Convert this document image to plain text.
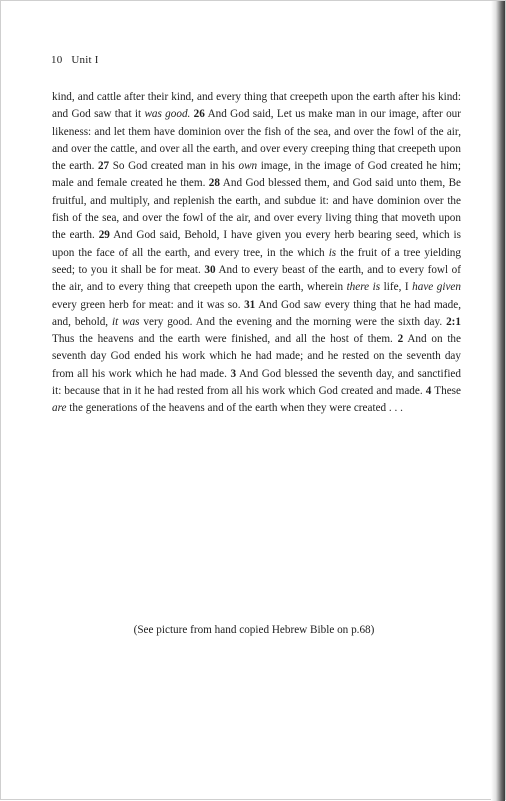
10 Unit I
kind, and cattle after their kind, and every thing that creepeth upon the earth after his kind: and God saw that it was good. 26 And God said, Let us make man in our image, after our likeness: and let them have dominion over the fish of the sea, and over the fowl of the air, and over the cattle, and over all the earth, and over every creeping thing that creepeth upon the earth. 27 So God created man in his own image, in the image of God created he him; male and female created he them. 28 And God blessed them, and God said unto them, Be fruitful, and multiply, and replenish the earth, and subdue it: and have dominion over the fish of the sea, and over the fowl of the air, and over every living thing that moveth upon the earth. 29 And God said, Behold, I have given you every herb bearing seed, which is upon the face of all the earth, and every tree, in the which is the fruit of a tree yielding seed; to you it shall be for meat. 30 And to every beast of the earth, and to every fowl of the air, and to every thing that creepeth upon the earth, wherein there is life, I have given every green herb for meat: and it was so. 31 And God saw every thing that he had made, and, behold, it was very good. And the evening and the morning were the sixth day. 2:1 Thus the heavens and the earth were finished, and all the host of them. 2 And on the seventh day God ended his work which he had made; and he rested on the seventh day from all his work which he had made. 3 And God blessed the seventh day, and sanctified it: because that in it he had rested from all his work which God created and made. 4 These are the generations of the heavens and of the earth when they were created . . .
(See picture from hand copied Hebrew Bible on p.68)
